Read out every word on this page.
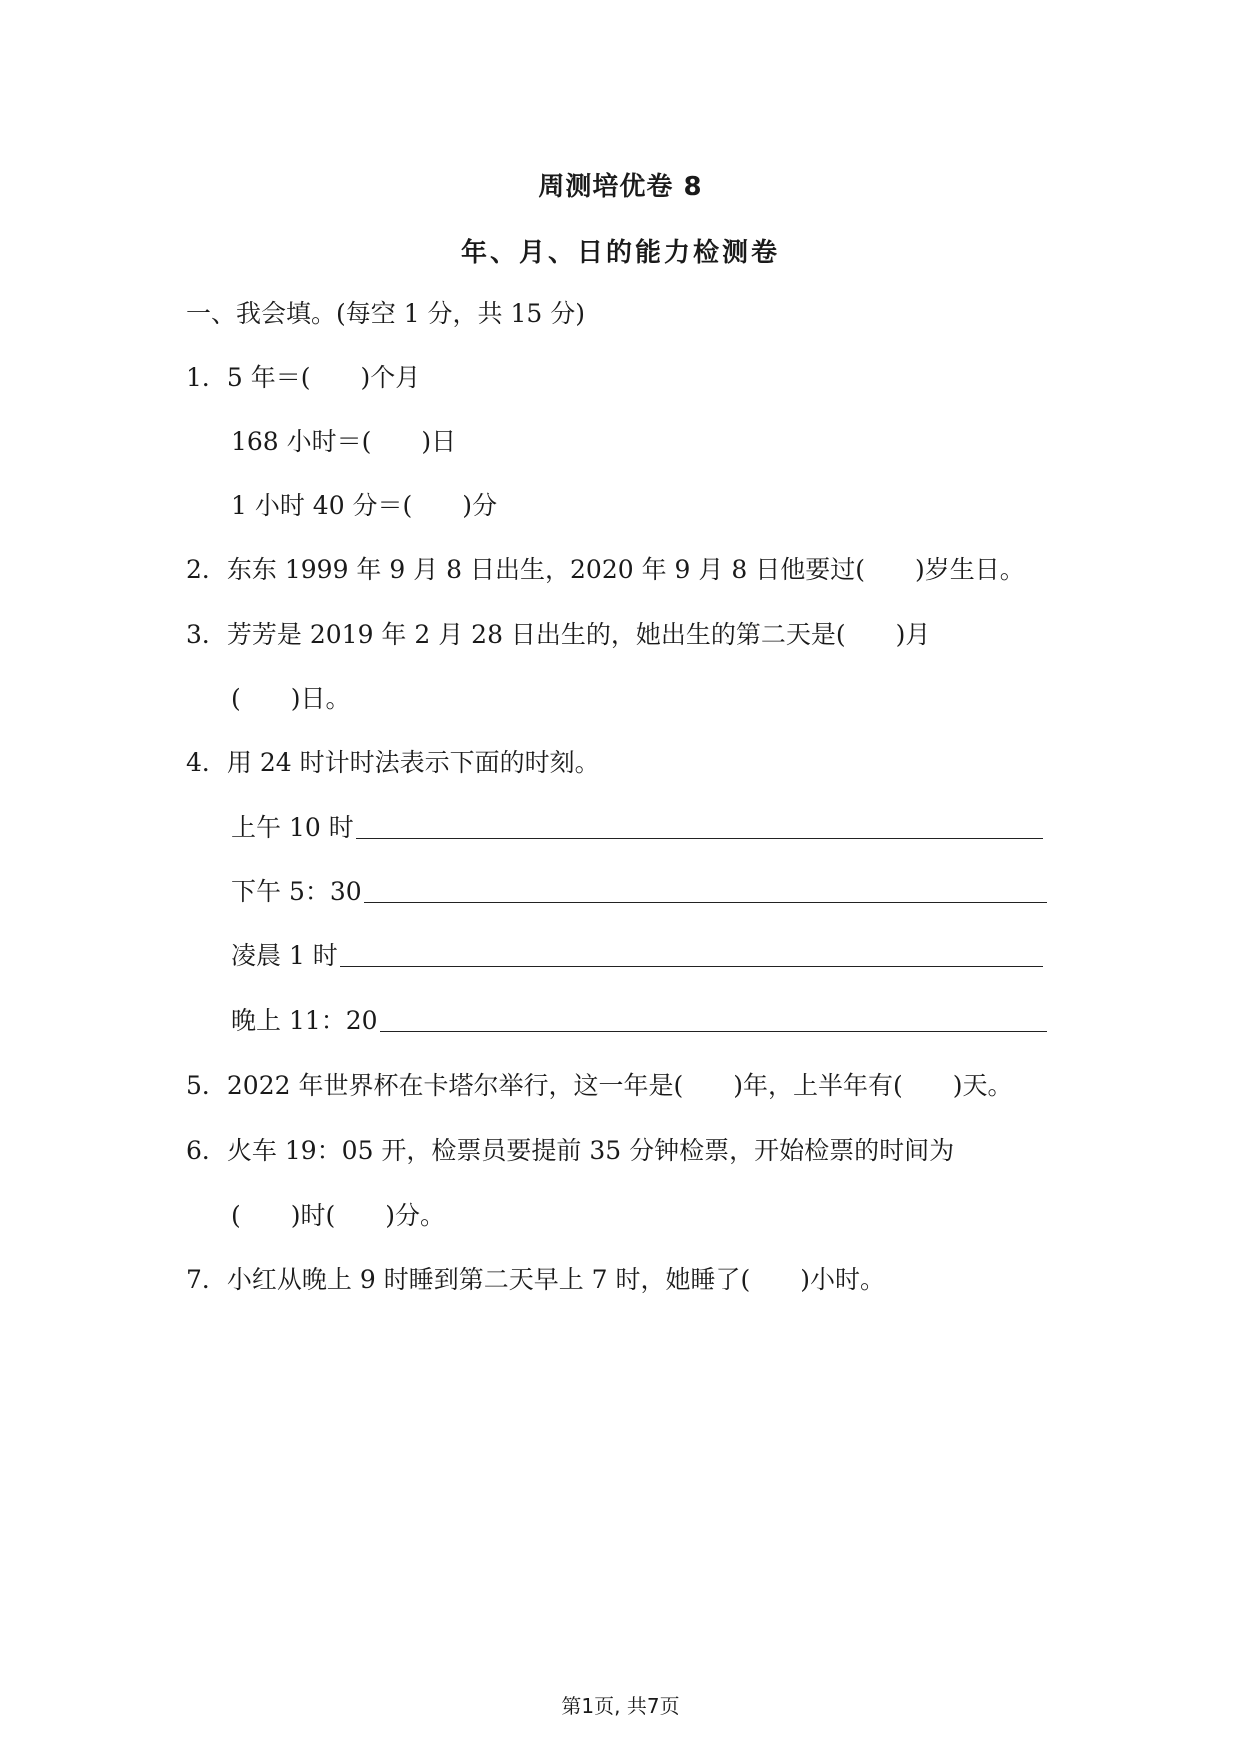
周测培优卷 8
年、月、日的能力检测卷
一、我会填。(每空 1 分，共 15 分)
1．5 年＝(　　)个月
168 小时＝(　　)日
1 小时 40 分＝(　　)分
2．东东 1999 年 9 月 8 日出生，2020 年 9 月 8 日他要过(　　)岁生日。
3．芳芳是 2019 年 2 月 28 日出生的，她出生的第二天是(　　)月
(　　)日。
4．用 24 时计时法表示下面的时刻。
上午 10 时
下午 5：30
凌晨 1 时
晚上 11：20
5．2022 年世界杯在卡塔尔举行，这一年是(　　)年，上半年有(　　)天。
6．火车 19：05 开，检票员要提前 35 分钟检票，开始检票的时间为
(　　)时(　　)分。
7．小红从晚上 9 时睡到第二天早上 7 时，她睡了(　　)小时。
第1页, 共7页
